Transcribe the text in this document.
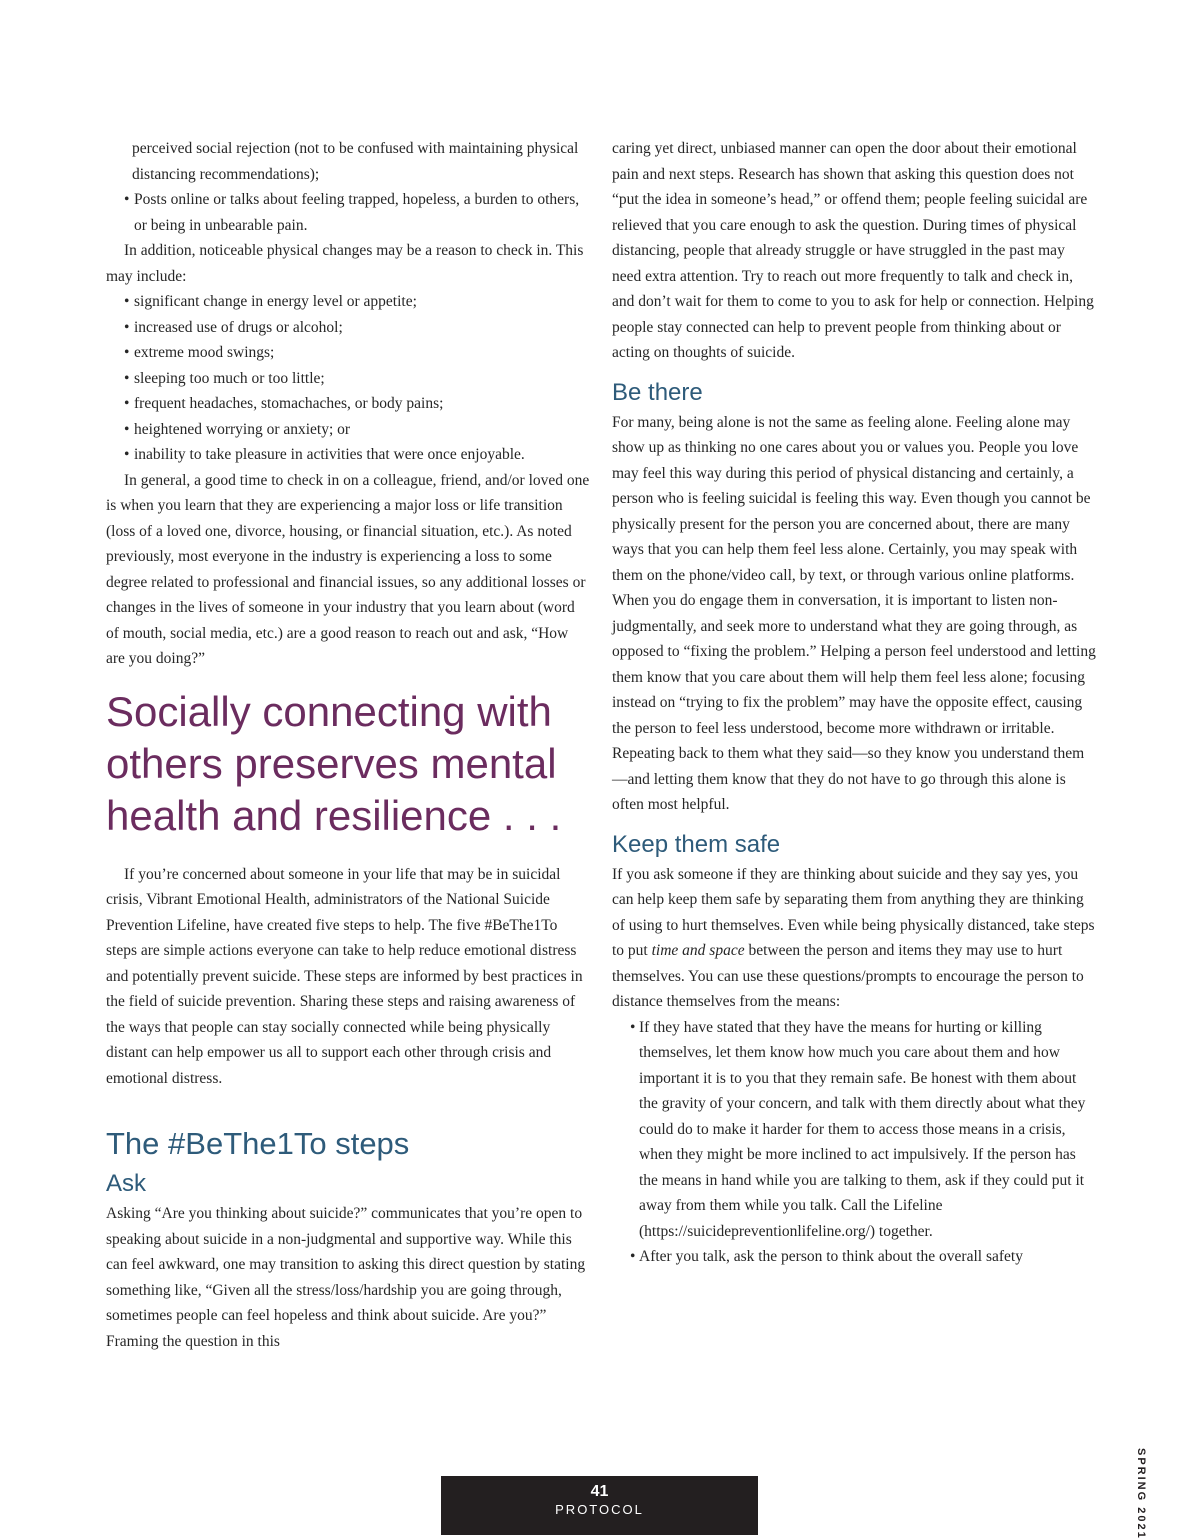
perceived social rejection (not to be confused with maintaining physical distancing recommendations);

• Posts online or talks about feeling trapped, hopeless, a burden to others, or being in unbearable pain.

In addition, noticeable physical changes may be a reason to check in. This may include:

• significant change in energy level or appetite;
• increased use of drugs or alcohol;
• extreme mood swings;
• sleeping too much or too little;
• frequent headaches, stomachaches, or body pains;
• heightened worrying or anxiety; or
• inability to take pleasure in activities that were once enjoyable.

In general, a good time to check in on a colleague, friend, and/or loved one is when you learn that they are experiencing a major loss or life transition (loss of a loved one, divorce, housing, or financial situation, etc.). As noted previously, most everyone in the industry is experiencing a loss to some degree related to professional and financial issues, so any additional losses or changes in the lives of someone in your industry that you learn about (word of mouth, social media, etc.) are a good reason to reach out and ask, “How are you doing?”

Socially connecting with others preserves mental health and resilience . . .

If you’re concerned about someone in your life that may be in suicidal crisis, Vibrant Emotional Health, administrators of the National Suicide Prevention Lifeline, have created five steps to help. The five #BeThe1To steps are simple actions everyone can take to help reduce emotional distress and potentially prevent suicide. These steps are informed by best practices in the field of suicide prevention. Sharing these steps and raising awareness of the ways that people can stay socially connected while being physically distant can help empower us all to support each other through crisis and emotional distress.

The #BeThe1To steps
Ask

Asking “Are you thinking about suicide?” communicates that you’re open to speaking about suicide in a non-judgmental and supportive way. While this can feel awkward, one may transition to asking this direct question by stating something like, “Given all the stress/loss/hardship you are going through, sometimes people can feel hopeless and think about suicide. Are you?” Framing the question in this

caring yet direct, unbiased manner can open the door about their emotional pain and next steps. Research has shown that asking this question does not “put the idea in someone’s head,” or offend them; people feeling suicidal are relieved that you care enough to ask the question. During times of physical distancing, people that already struggle or have struggled in the past may need extra attention. Try to reach out more frequently to talk and check in, and don’t wait for them to come to you to ask for help or connection. Helping people stay connected can help to prevent people from thinking about or acting on thoughts of suicide.

Be there

For many, being alone is not the same as feeling alone. Feeling alone may show up as thinking no one cares about you or values you. People you love may feel this way during this period of physical distancing and certainly, a person who is feeling suicidal is feeling this way. Even though you cannot be physically present for the person you are concerned about, there are many ways that you can help them feel less alone. Certainly, you may speak with them on the phone/video call, by text, or through various online platforms. When you do engage them in conversation, it is important to listen non-judgmentally, and seek more to understand what they are going through, as opposed to “fixing the problem.” Helping a person feel understood and letting them know that you care about them will help them feel less alone; focusing instead on “trying to fix the problem” may have the opposite effect, causing the person to feel less understood, become more withdrawn or irritable. Repeating back to them what they said—so they know you understand them—and letting them know that they do not have to go through this alone is often most helpful.

Keep them safe

If you ask someone if they are thinking about suicide and they say yes, you can help keep them safe by separating them from anything they are thinking of using to hurt themselves. Even while being physically distanced, take steps to put time and space between the person and items they may use to hurt themselves. You can use these questions/prompts to encourage the person to distance themselves from the means:

• If they have stated that they have the means for hurting or killing themselves, let them know how much you care about them and how important it is to you that they remain safe. Be honest with them about the gravity of your concern, and talk with them directly about what they could do to make it harder for them to access those means in a crisis, when they might be more inclined to act impulsively. If the person has the means in hand while you are talking to them, ask if they could put it away from them while you talk. Call the Lifeline (https://suicidepreventionlifeline.org/) together.
• After you talk, ask the person to think about the overall safety
41
PROTOCOL	SPRING 2021
